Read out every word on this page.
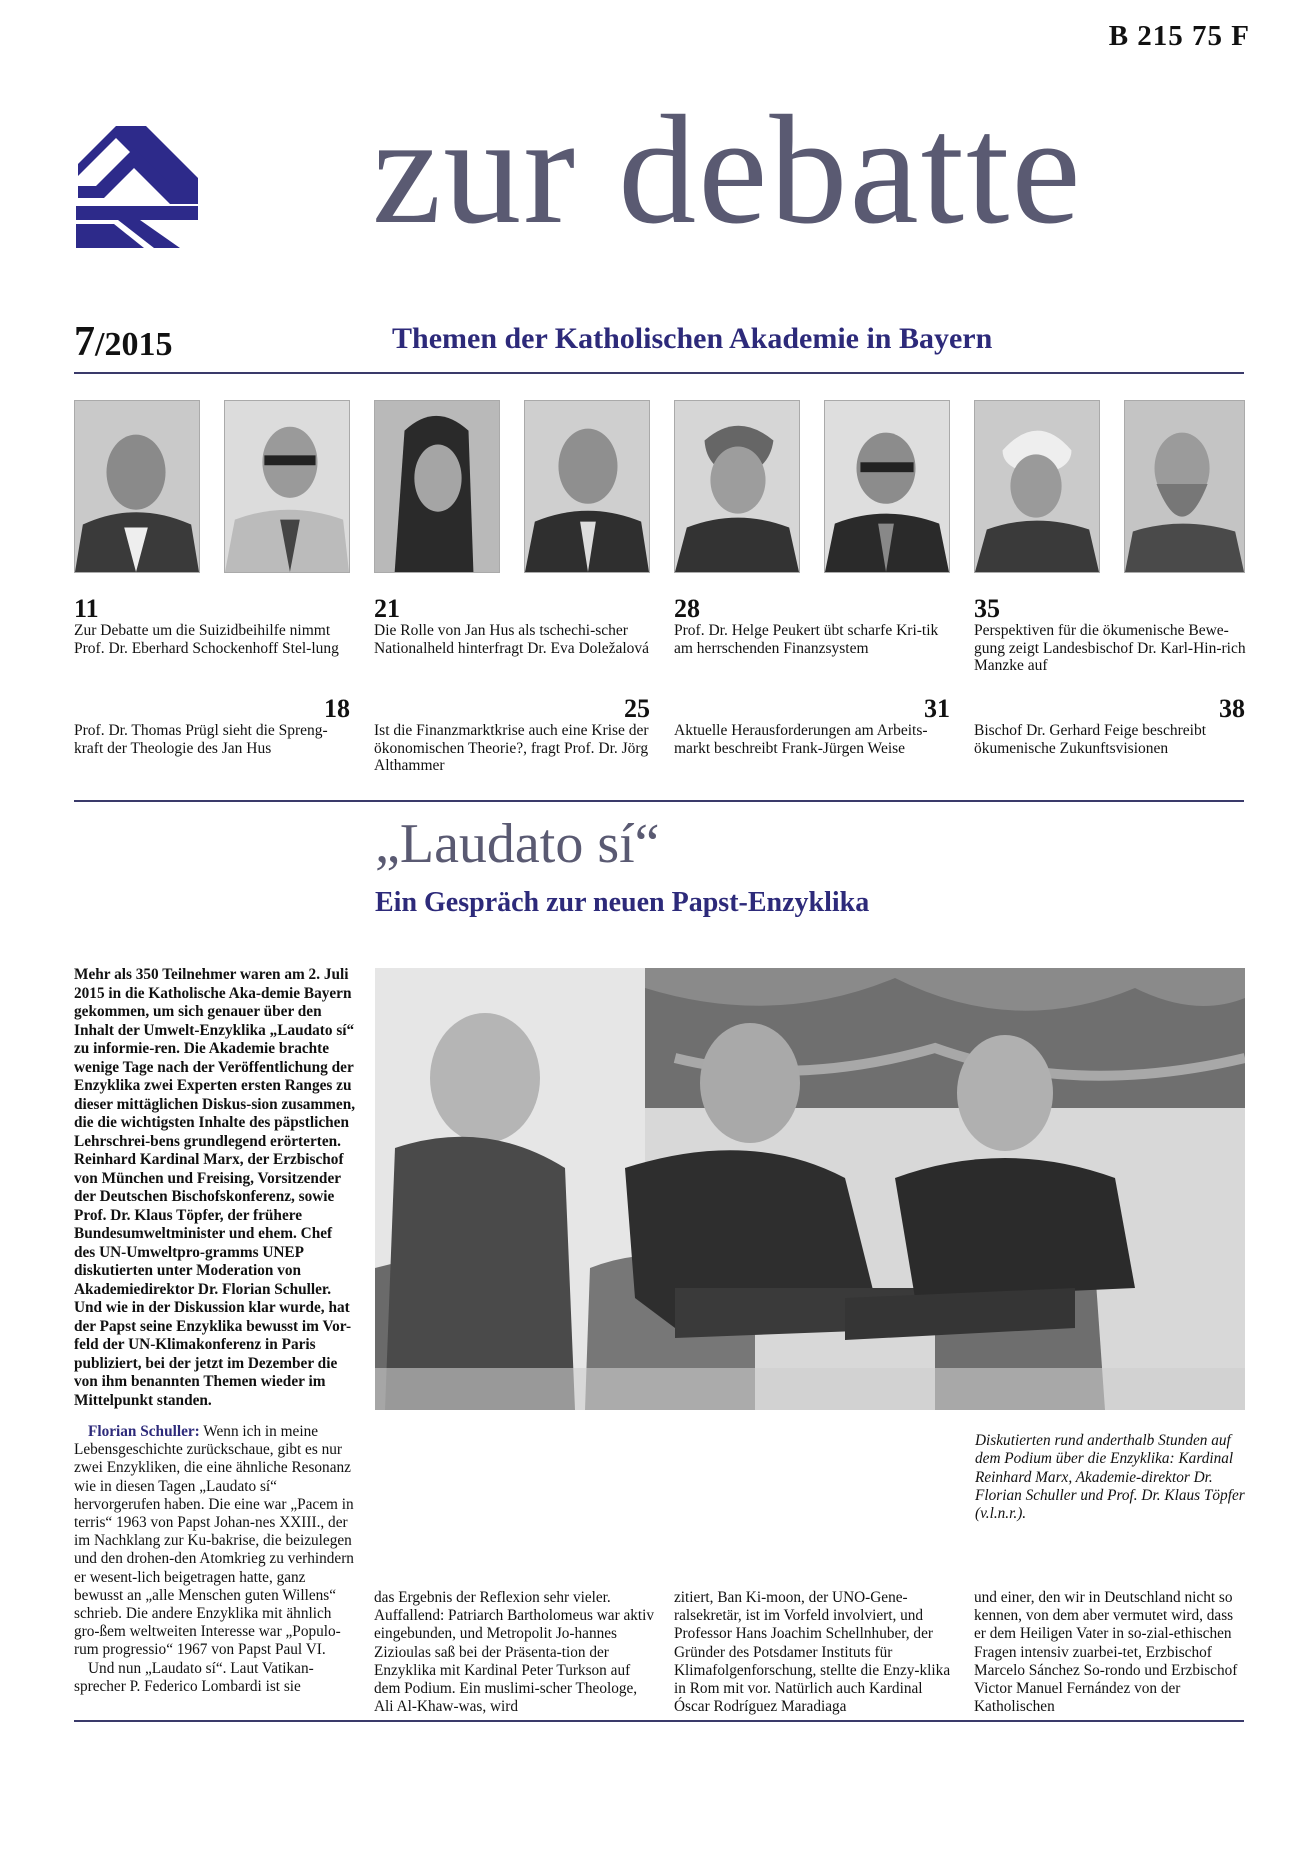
B 215 75 F
zur debatte
7/2015	Themen der Katholischen Akademie in Bayern
11
Zur Debatte um die Suizidbeihilfe nimmt Prof. Dr. Eberhard Schockenhoff Stel-lung
21
Die Rolle von Jan Hus als tschechi-scher Nationalheld hinterfragt Dr. Eva Doležalová
28
Prof. Dr. Helge Peukert übt scharfe Kri-tik am herrschenden Finanzsystem
35
Perspektiven für die ökumenische Bewe-gung zeigt Landesbischof Dr. Karl-Hin-rich Manzke auf
18
Prof. Dr. Thomas Prügl sieht die Spreng-kraft der Theologie des Jan Hus
25
Ist die Finanzmarktkrise auch eine Krise der ökonomischen Theorie?, fragt Prof. Dr. Jörg Althammer
31
Aktuelle Herausforderungen am Arbeits-markt beschreibt Frank-Jürgen Weise
38
Bischof Dr. Gerhard Feige beschreibt ökumenische Zukunftsvisionen
„Laudato sí“
Ein Gespräch zur neuen Papst-Enzyklika
Mehr als 350 Teilnehmer waren am 2. Juli 2015 in die Katholische Aka-demie Bayern gekommen, um sich genauer über den Inhalt der Umwelt-Enzyklika „Laudato sí“ zu informie-ren. Die Akademie brachte wenige Tage nach der Veröffentlichung der Enzyklika zwei Experten ersten Ranges zu dieser mittäglichen Diskus-sion zusammen, die die wichtigsten Inhalte des päpstlichen Lehrschrei-bens grundlegend erörterten. Reinhard Kardinal Marx, der Erzbischof von München und Freising, Vorsitzender der Deutschen Bischofskonferenz, sowie Prof. Dr. Klaus Töpfer, der frühere Bundesumweltminister und ehem. Chef des UN-Umweltpro-gramms UNEP diskutierten unter Moderation von Akademiedirektor Dr. Florian Schuller. Und wie in der Diskussion klar wurde, hat der Papst seine Enzyklika bewusst im Vor-feld der UN-Klimakonferenz in Paris publiziert, bei der jetzt im Dezember die von ihm benannten Themen wieder im Mittelpunkt standen.
Diskutierten rund anderthalb Stunden auf dem Podium über die Enzyklika: Kardinal Reinhard Marx, Akademie-direktor Dr. Florian Schuller und Prof. Dr. Klaus Töpfer (v.l.n.r.).

Florian Schuller: Wenn ich in meine Lebensgeschichte zurückschaue, gibt es nur zwei Enzykliken, die eine ähnliche Resonanz wie in diesen Tagen „Laudato sí“ hervorgerufen haben. Die eine war „Pacem in terris“ 1963 von Papst Johan-nes XXIII., der im Nachklang zur Ku-bakrise, die beizulegen und den drohen-den Atomkrieg zu verhindern er wesent-lich beigetragen hatte, ganz bewusst an „alle Menschen guten Willens“ schrieb. Die andere Enzyklika mit ähnlich gro-ßem weltweiten Interesse war „Populo-rum progressio“ 1967 von Papst Paul VI.

Und nun „Laudato sí“. Laut Vatikan-sprecher P. Federico Lombardi ist sie

das Ergebnis der Reflexion sehr vieler. Auffallend: Patriarch Bartholomeus war aktiv eingebunden, und Metropolit Jo-hannes Zizioulas saß bei der Präsenta-tion der Enzyklika mit Kardinal Peter Turkson auf dem Podium. Ein muslimi-scher Theologe, Ali Al-Khaw-was, wird
zitiert, Ban Ki-moon, der UNO-Gene-ralsekretär, ist im Vorfeld involviert, und Professor Hans Joachim Schellnhuber, der Gründer des Potsdamer Instituts für Klimafolgenforschung, stellte die Enzy-klika in Rom mit vor. Natürlich auch Kardinal Óscar Rodríguez Maradiaga
und einer, den wir in Deutschland nicht so kennen, von dem aber vermutet wird, dass er dem Heiligen Vater in so-zial-ethischen Fragen intensiv zuarbei-tet, Erzbischof Marcelo Sánchez So-rondo und Erzbischof Victor Manuel Fernández von der Katholischen
